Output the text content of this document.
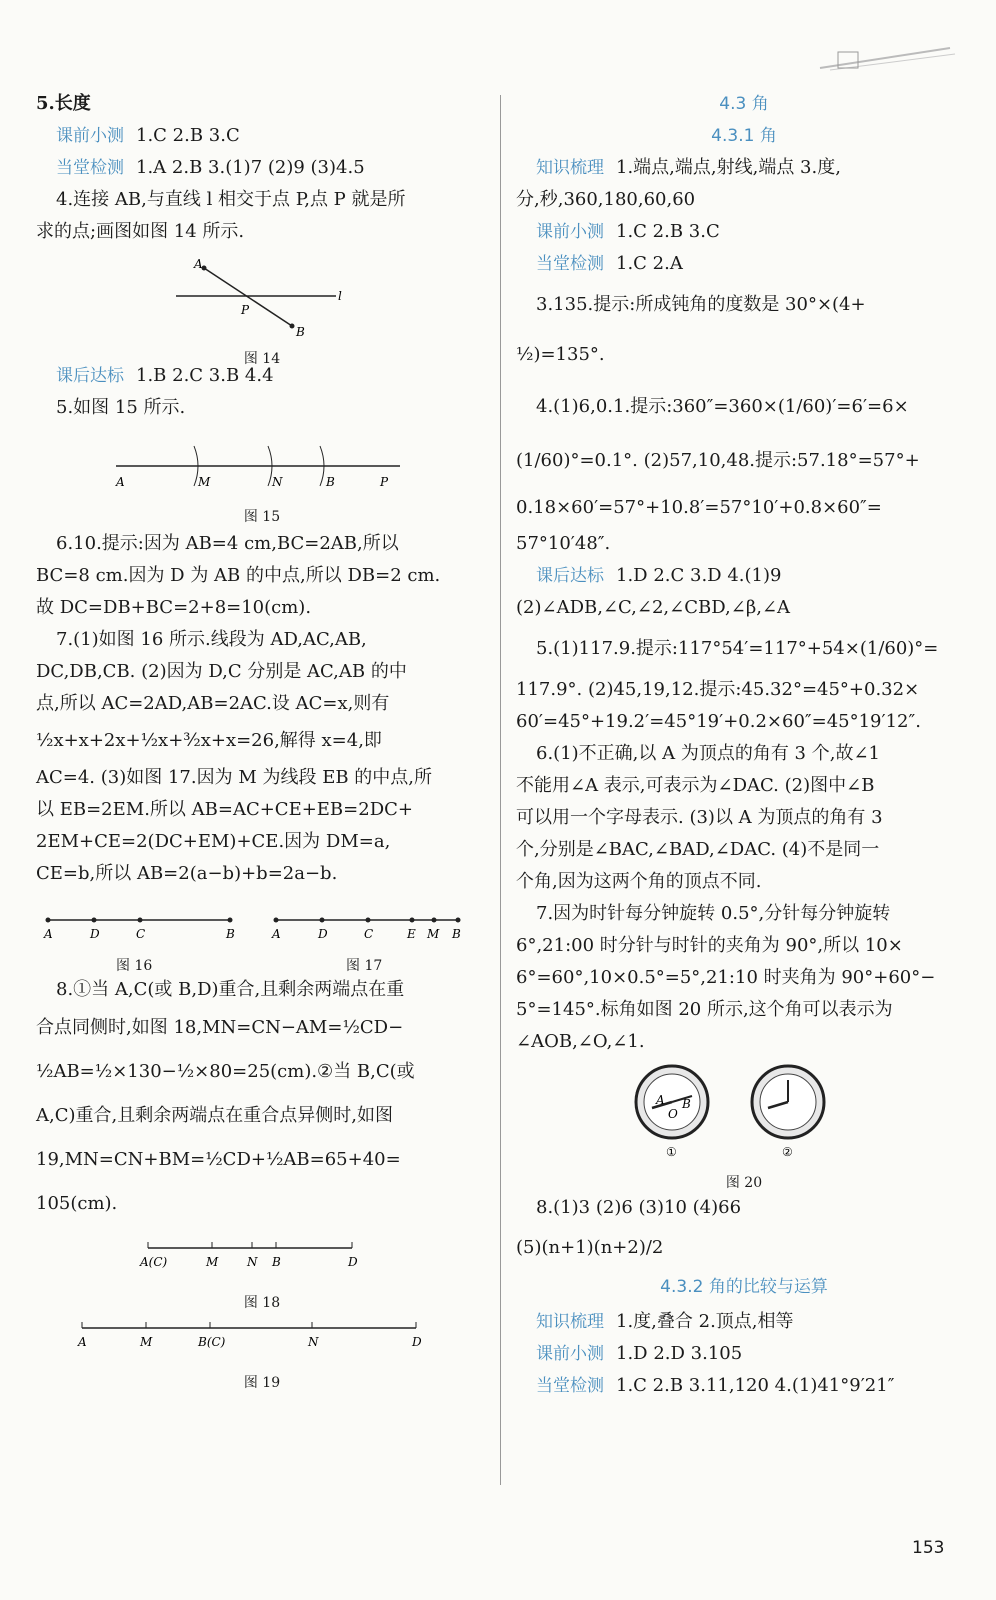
5.长度
课前小测 1.C 2.B 3.C
当堂检测 1.A 2.B 3.(1)7 (2)9 (3)4.5
4.连接 AB,与直线 l 相交于点 P,点 P 就是所
求的点;画图如图 14 所示.
A
P
B
l
图 14
课后达标 1.B 2.C 3.B 4.4
5.如图 15 所示.
A	M	N	B	P
图 15
6.10.提示:因为 AB=4 cm,BC=2AB,所以
BC=8 cm.因为 D 为 AB 的中点,所以 DB=2 cm.
故 DC=DB+BC=2+8=10(cm).
7.(1)如图 16 所示.线段为 AD,AC,AB,
DC,DB,CB. (2)因为 D,C 分别是 AC,AB 的中
点,所以 AC=2AD,AB=2AC.设 AC=x,则有
½x+x+2x+½x+³⁄₂x+x=26,解得 x=4,即
AC=4. (3)如图 17.因为 M 为线段 EB 的中点,所
以 EB=2EM.所以 AB=AC+CE+EB=2DC+
2EM+CE=2(DC+EM)+CE.因为 DM=a,
CE=b,所以 AB=2(a−b)+b=2a−b.
A	D	C	B	A	D	C	E M B
图 16	图 17
8.①当 A,C(或 B,D)重合,且剩余两端点在重
合点同侧时,如图 18,MN=CN−AM=½CD−
½AB=½×130−½×80=25(cm).②当 B,C(或
A,C)重合,且剩余两端点在重合点异侧时,如图
19,MN=CN+BM=½CD+½AB=65+40=
105(cm).
A(C)	M N B	D
图 18
A	M	B(C)	N	D
图 19
4.3 角
4.3.1 角
知识梳理 1.端点,端点,射线,端点 3.度,
分,秒,360,180,60,60
课前小测 1.C 2.B 3.C
当堂检测 1.C 2.A
3.135.提示:所成钝角的度数是 30°×(4+
½)=135°.
4.(1)6,0.1.提示:360″=360×(1/60)′=6′=6×
(1/60)°=0.1°. (2)57,10,48.提示:57.18°=57°+
0.18×60′=57°+10.8′=57°10′+0.8×60″=
57°10′48″.
课后达标 1.D 2.C 3.D 4.(1)9
(2)∠ADB,∠C,∠2,∠CBD,∠β,∠A
5.(1)117.9.提示:117°54′=117°+54×(1/60)°=
117.9°. (2)45,19,12.提示:45.32°=45°+0.32×
60′=45°+19.2′=45°19′+0.2×60″=45°19′12″.
6.(1)不正确,以 A 为顶点的角有 3 个,故∠1
不能用∠A 表示,可表示为∠DAC. (2)图中∠B
可以用一个字母表示. (3)以 A 为顶点的角有 3
个,分别是∠BAC,∠BAD,∠DAC. (4)不是同一
个角,因为这两个角的顶点不同.
7.因为时针每分钟旋转 0.5°,分针每分钟旋转
6°,21:00 时分针与时针的夹角为 90°,所以 10×
6°=60°,10×0.5°=5°,21:10 时夹角为 90°+60°−
5°=145°.标角如图 20 所示,这个角可以表示为
∠AOB,∠O,∠1.
A
O
B
①	②
图 20
8.(1)3 (2)6 (3)10 (4)66
(5)(n+1)(n+2)/2
4.3.2 角的比较与运算
知识梳理 1.度,叠合 2.顶点,相等
课前小测 1.D 2.D 3.105
当堂检测 1.C 2.B 3.11,120 4.(1)41°9′21″
153
